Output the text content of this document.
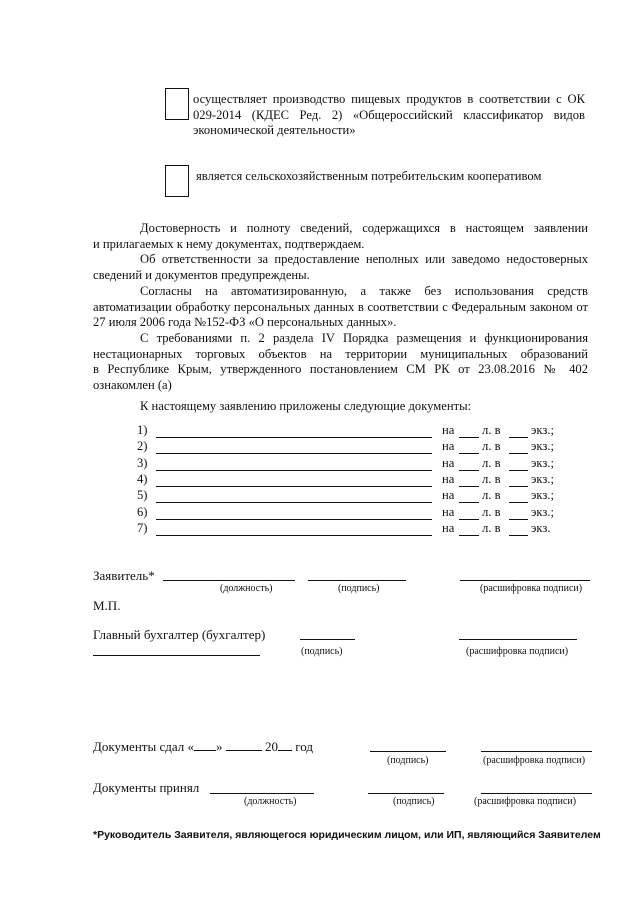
осуществляет производство пищевых продуктов в соответствии с ОК
029-2014 (КДЕС Ред. 2) «Общероссийский классификатор видов
экономической деятельности»
является сельскохозяйственным потребительским кооперативом
Достоверность и полноту сведений, содержащихся в настоящем заявлении
и прилагаемых к нему документах, подтверждаем.
Об ответственности за предоставление неполных или заведомо недостоверных
сведений и документов предупреждены.
Согласны на автоматизированную, а также без использования средств
автоматизации обработку персональных данных в соответствии с Федеральным законом от
27 июля 2006 года №152-ФЗ «О персональных данных».
С требованиями п. 2 раздела IV Порядка размещения и функционирования
нестационарных торговых объектов на территории муниципальных образований
в Республике Крым, утвержденного постановлением СМ РК от 23.08.2016 № 402
ознакомлен (а)
К настоящему заявлению приложены следующие документы:
1)	на л. в экз.;
2)	на л. в экз.;
3)	на л. в экз.;
4)	на л. в экз.;
5)	на л. в экз.;
6)	на л. в экз.;
7)	на л. в экз.
Заявитель*
(должность)	(подпись)	(расшифровка подписи)
М.П.
Главный бухгалтер (бухгалтер)
(подпись)	(расшифровка подписи)
Документы сдал « »	20 год
(подпись)	(расшифровка подписи)
Документы принял
(должность)	(подпись)	(расшифровка подписи)
*Руководитель Заявителя, являющегося юридическим лицом, или ИП, являющийся Заявителем
